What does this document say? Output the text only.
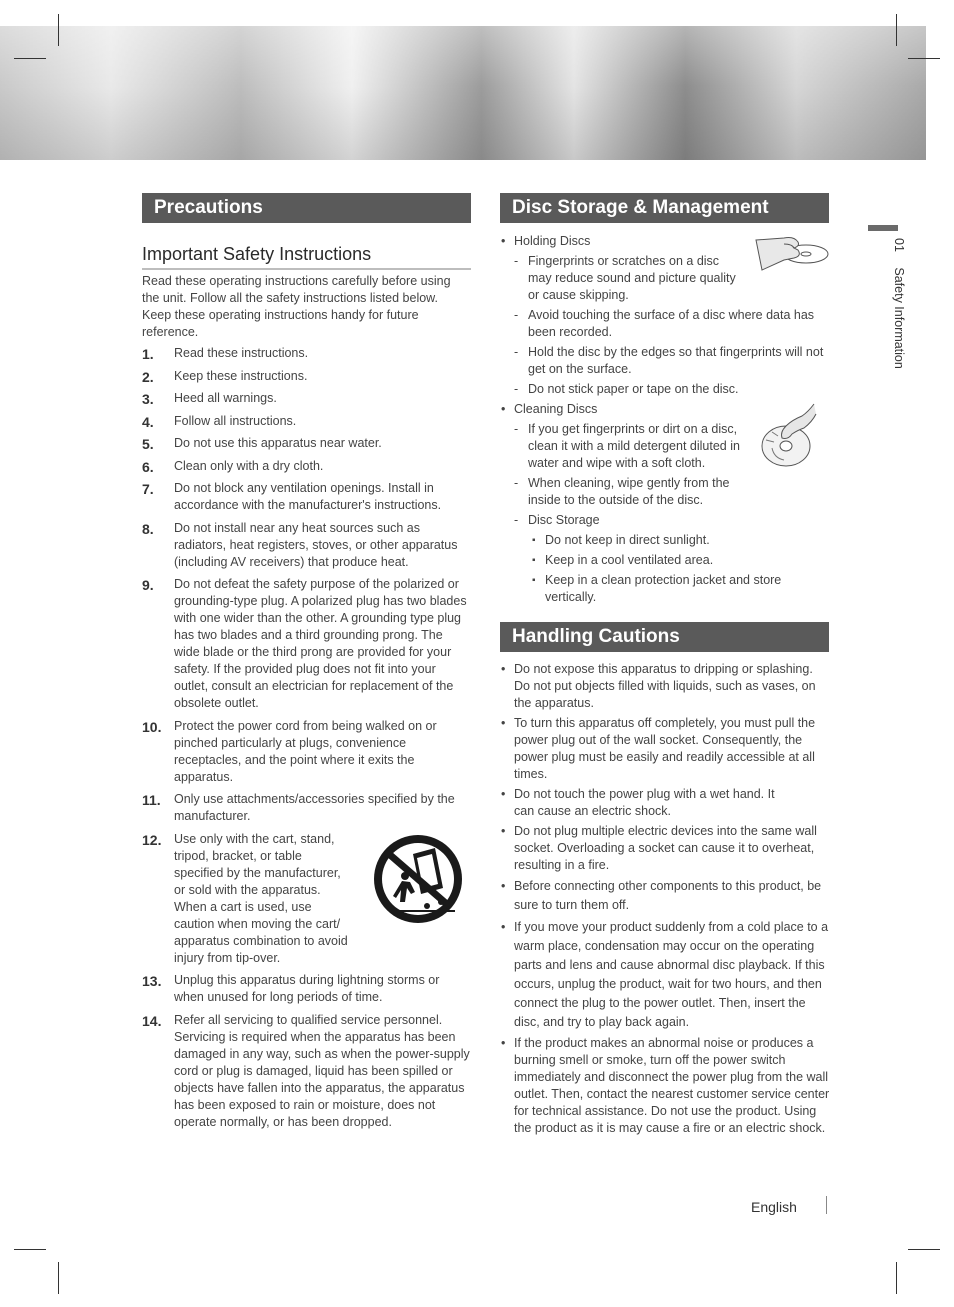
Precautions
Important Safety Instructions
Read these operating instructions carefully before using the unit. Follow all the safety instructions listed below. Keep these operating instructions handy for future reference.
1. Read these instructions.
2. Keep these instructions.
3. Heed all warnings.
4. Follow all instructions.
5. Do not use this apparatus near water.
6. Clean only with a dry cloth.
7. Do not block any ventilation openings. Install in accordance with the manufacturer's instructions.
8. Do not install near any heat sources such as radiators, heat registers, stoves, or other apparatus (including AV receivers) that produce heat.
9. Do not defeat the safety purpose of the polarized or grounding-type plug. A polarized plug has two blades with one wider than the other. A grounding type plug has two blades and a third grounding prong. The wide blade or the third prong are provided for your safety. If the provided plug does not fit into your outlet, consult an electrician for replacement of the obsolete outlet.
10. Protect the power cord from being walked on or pinched particularly at plugs, convenience receptacles, and the point where it exits the apparatus.
11. Only use attachments/accessories specified by the manufacturer.
12. Use only with the cart, stand, tripod, bracket, or table specified by the manufacturer, or sold with the apparatus. When a cart is used, use caution when moving the cart/ apparatus combination to avoid injury from tip-over.
13. Unplug this apparatus during lightning storms or when unused for long periods of time.
14. Refer all servicing to qualified service personnel. Servicing is required when the apparatus has been damaged in any way, such as when the power-supply cord or plug is damaged, liquid has been spilled or objects have fallen into the apparatus, the apparatus has been exposed to rain or moisture, does not operate normally, or has been dropped.
Disc Storage & Management
• Holding Discs
- Fingerprints or scratches on a disc may reduce sound and picture quality or cause skipping.
- Avoid touching the surface of a disc where data has been recorded.
- Hold the disc by the edges so that fingerprints will not get on the surface.
- Do not stick paper or tape on the disc.
• Cleaning Discs
- If you get fingerprints or dirt on a disc, clean it with a mild detergent diluted in water and wipe with a soft cloth.
- When cleaning, wipe gently from the inside to the outside of the disc.
- Disc Storage
▪ Do not keep in direct sunlight.
▪ Keep in a cool ventilated area.
▪ Keep in a clean protection jacket and store vertically.
Handling Cautions
• Do not expose this apparatus to dripping or splashing. Do not put objects filled with liquids, such as vases, on the apparatus.
• To turn this apparatus off completely, you must pull the power plug out of the wall socket. Consequently, the power plug must be easily and readily accessible at all times.
• Do not touch the power plug with a wet hand. It can cause an electric shock.
• Do not plug multiple electric devices into the same wall socket. Overloading a socket can cause it to overheat, resulting in a fire.
• Before connecting other components to this product, be sure to turn them off.
• If you move your product suddenly from a cold place to a warm place, condensation may occur on the operating parts and lens and cause abnormal disc playback. If this occurs, unplug the product, wait for two hours, and then connect the plug to the power outlet. Then, insert the disc, and try to play back again.
• If the product makes an abnormal noise or produces a burning smell or smoke, turn off the power switch immediately and disconnect the power plug from the wall outlet. Then, contact the nearest customer service center for technical assistance. Do not use the product. Using the product as it is may cause a fire or an electric shock.
01 Safety Information
English
